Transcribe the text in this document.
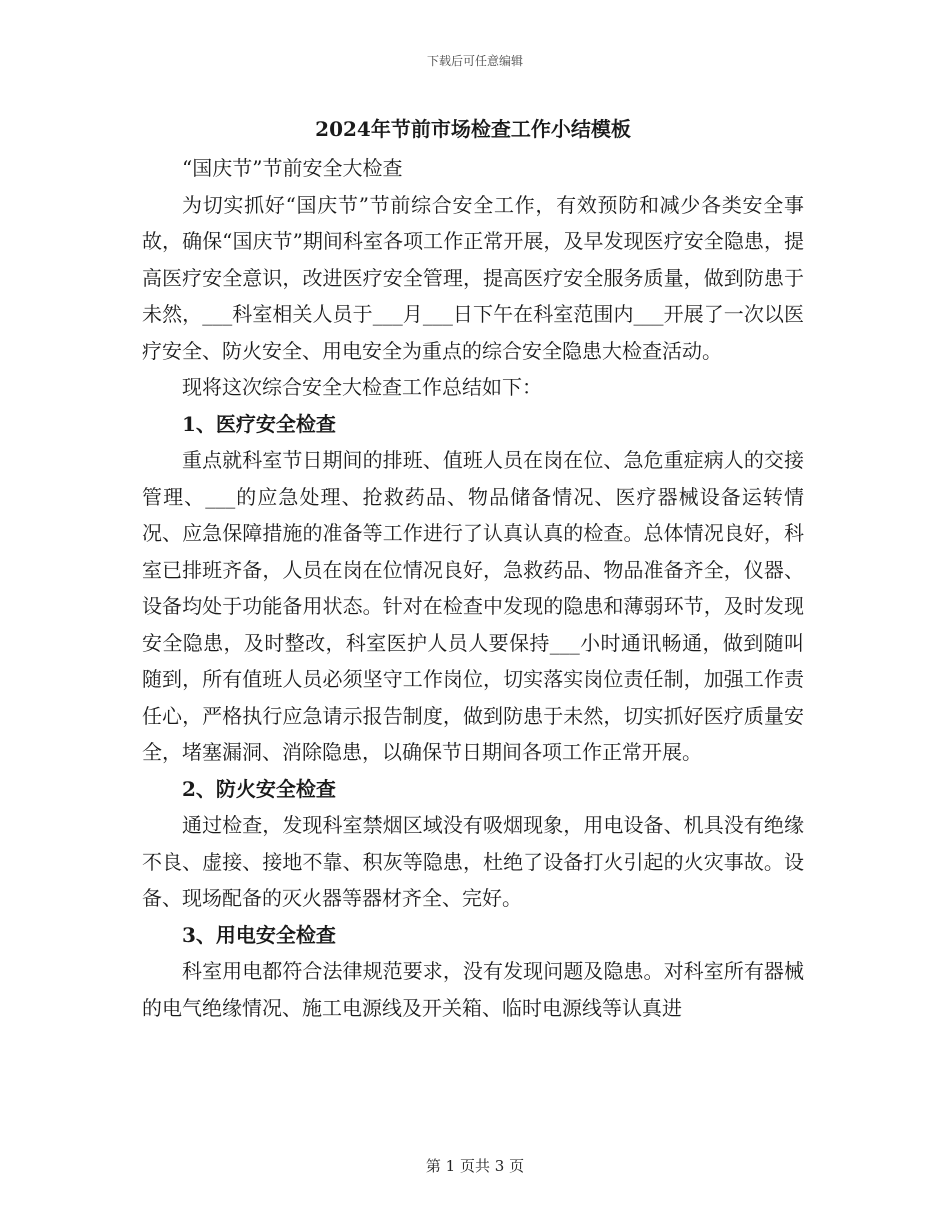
下载后可任意编辑
2024年节前市场检查工作小结模板

“国庆节”节前安全大检查

为切实抓好“国庆节”节前综合安全工作，有效预防和减少各类安全事故，确保“国庆节”期间科室各项工作正常开展，及早发现医疗安全隐患，提高医疗安全意识，改进医疗安全管理，提高医疗安全服务质量，做到防患于未然，___科室相关人员于___月___日下午在科室范围内___开展了一次以医疗安全、防火安全、用电安全为重点的综合安全隐患大检查活动。

现将这次综合安全大检查工作总结如下：

1、医疗安全检查

重点就科室节日期间的排班、值班人员在岗在位、急危重症病人的交接管理、___的应急处理、抢救药品、物品储备情况、医疗器械设备运转情况、应急保障措施的准备等工作进行了认真认真的检查。总体情况良好，科室已排班齐备，人员在岗在位情况良好，急救药品、物品准备齐全，仪器、设备均处于功能备用状态。针对在检查中发现的隐患和薄弱环节，及时发现安全隐患，及时整改，科室医护人员人要保持___小时通讯畅通，做到随叫随到，所有值班人员必须坚守工作岗位，切实落实岗位责任制，加强工作责任心，严格执行应急请示报告制度，做到防患于未然，切实抓好医疗质量安全，堵塞漏洞、消除隐患，以确保节日期间各项工作正常开展。

2、防火安全检查

通过检查，发现科室禁烟区域没有吸烟现象，用电设备、机具没有绝缘不良、虚接、接地不靠、积灰等隐患，杜绝了设备打火引起的火灾事故。设备、现场配备的灭火器等器材齐全、完好。

3、用电安全检查

科室用电都符合法律规范要求，没有发现问题及隐患。对科室所有器械的电气绝缘情况、施工电源线及开关箱、临时电源线等认真进

第 1 页共 3 页
